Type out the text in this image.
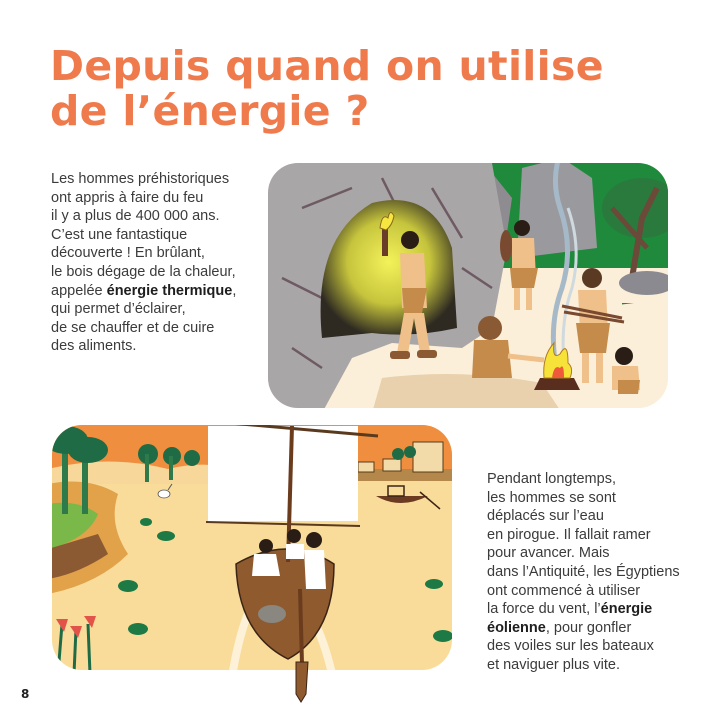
Depuis quand on utilise
de l’énergie ?

Les hommes préhistoriques
ont appris à faire du feu
il y a plus de 400 000 ans.
C’est une fantastique
découverte ! En brûlant,
le bois dégage de la chaleur,
appelée énergie thermique,
qui permet d’éclairer,
de se chauffer et de cuire
des aliments.

Pendant longtemps,
les hommes se sont
déplacés sur l’eau
en pirogue. Il fallait ramer
pour avancer. Mais
dans l’Antiquité, les Égyptiens
ont commencé à utiliser
la force du vent, l’énergie
éolienne, pour gonfler
des voiles sur les bateaux
et naviguer plus vite.

8
